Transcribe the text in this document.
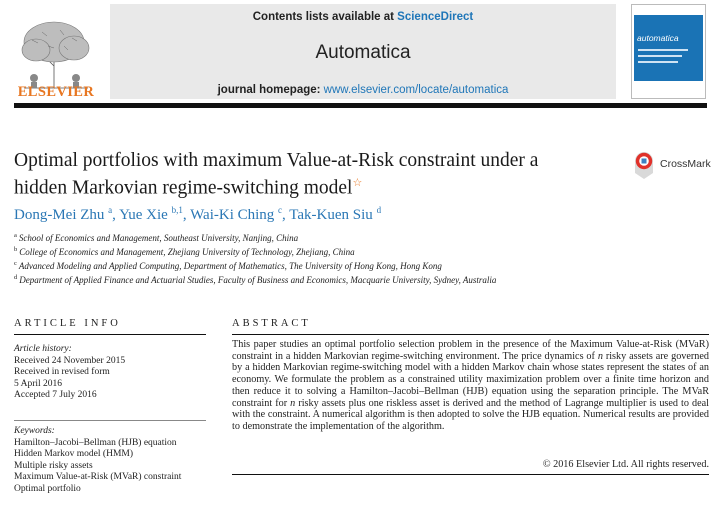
ELSEVIER
Contents lists available at ScienceDirect
Automatica
journal homepage: www.elsevier.com/locate/automatica
automatica
Optimal portfolios with maximum Value-at-Risk constraint under a
hidden Markovian regime-switching model☆
CrossMark
Dong-Mei Zhu $^a$, Yue Xie $^{b,1}$, Wai-Ki Ching $^c$, Tak-Kuen Siu $^d$
$^a$ School of Economics and Management, Southeast University, Nanjing, China
$^b$ College of Economics and Management, Zhejiang University of Technology, Zhejiang, China
$^c$ Advanced Modeling and Applied Computing, Department of Mathematics, The University of Hong Kong, Hong Kong
$^d$ Department of Applied Finance and Actuarial Studies, Faculty of Business and Economics, Macquarie University, Sydney, Australia
ARTICLE INFO
Article history:
Received 24 November 2015
Received in revised form
5 April 2016
Accepted 7 July 2016
Keywords:
Hamilton–Jacobi–Bellman (HJB) equation
Hidden Markov model (HMM)
Multiple risky assets
Maximum Value-at-Risk (MVaR) constraint
Optimal portfolio
ABSTRACT
This paper studies an optimal portfolio selection problem in the presence of the Maximum Value-at-Risk (MVaR) constraint in a hidden Markovian regime-switching environment. The price dynamics of n risky assets are governed by a hidden Markovian regime-switching model with a hidden Markov chain whose states represent the states of an economy. We formulate the problem as a constrained utility maximization problem over a finite time horizon and then reduce it to solving a Hamilton–Jacobi–Bellman (HJB) equation using the separation principle. The MVaR constraint for n risky assets plus one riskless asset is derived and the method of Lagrange multiplier is used to deal with the constraint. A numerical algorithm is then adopted to solve the HJB equation. Numerical results are provided to demonstrate the implementation of the algorithm.
© 2016 Elsevier Ltd. All rights reserved.
